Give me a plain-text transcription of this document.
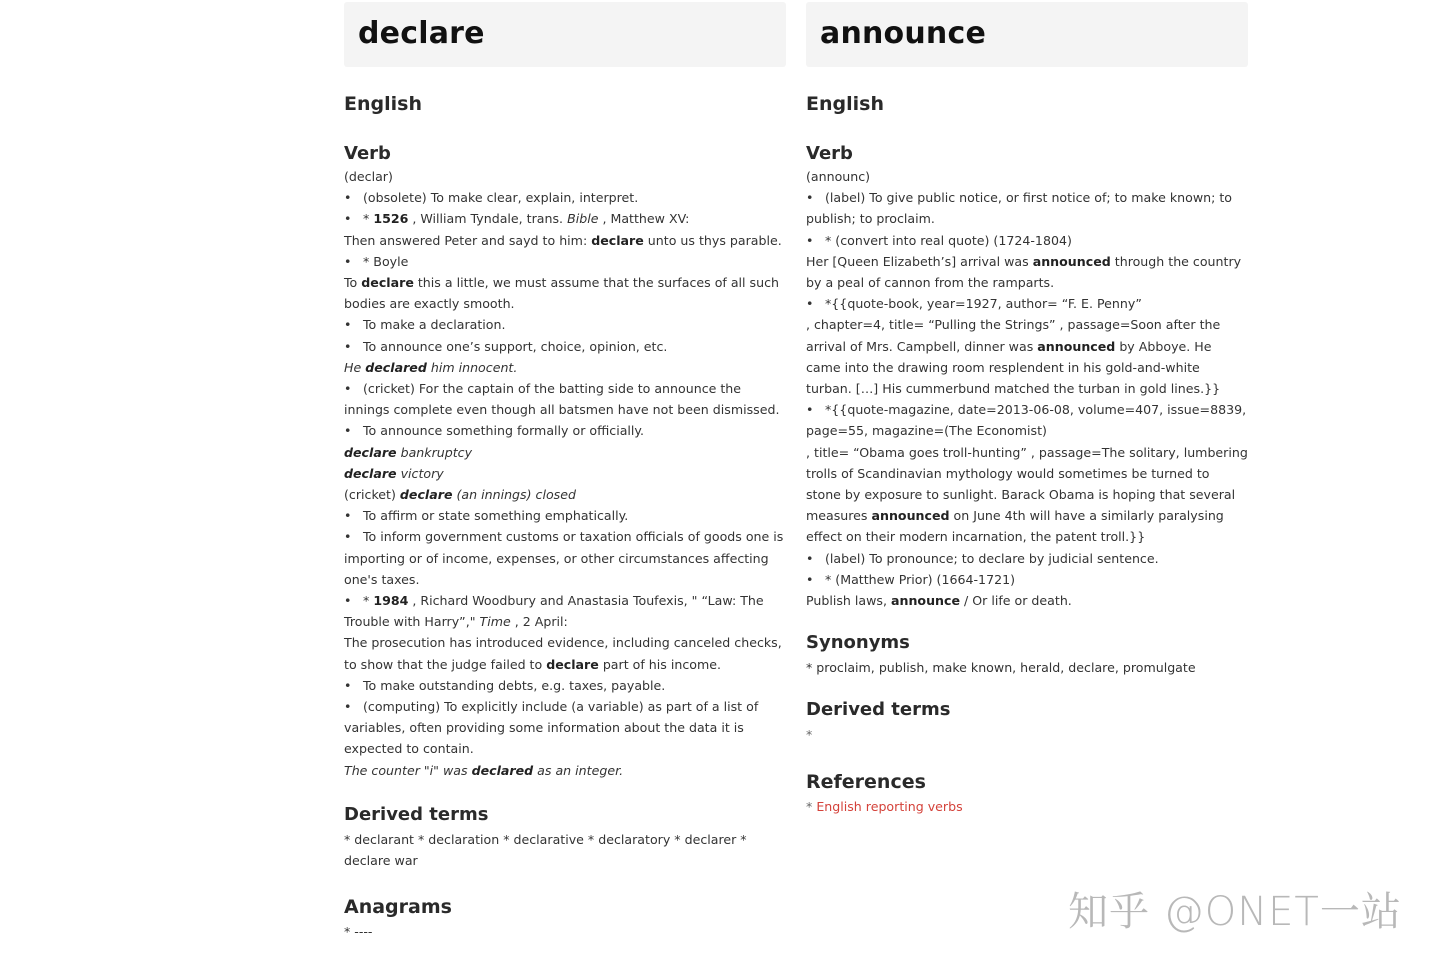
declare
English
Verb
(declar)
• (obsolete) To make clear, explain, interpret.
• * 1526 , William Tyndale, trans. Bible , Matthew XV:
Then answered Peter and sayd to him: declare unto us thys parable.
• * Boyle
To declare this a little, we must assume that the surfaces of all such bodies are exactly smooth.
• To make a declaration.
• To announce one’s support, choice, opinion, etc.
He declared him innocent.
• (cricket) For the captain of the batting side to announce the innings complete even though all batsmen have not been dismissed.
• To announce something formally or officially.
declare bankruptcy
declare victory
(cricket) declare (an innings) closed
• To affirm or state something emphatically.
• To inform government customs or taxation officials of goods one is importing or of income, expenses, or other circumstances affecting one's taxes.
• * 1984 , Richard Woodbury and Anastasia Toufexis, " “Law: The Trouble with Harry”," Time , 2 April:
The prosecution has introduced evidence, including canceled checks, to show that the judge failed to declare part of his income.
• To make outstanding debts, e.g. taxes, payable.
• (computing) To explicitly include (a variable) as part of a list of variables, often providing some information about the data it is expected to contain.
The counter "i" was declared as an integer.
Derived terms
* declarant * declaration * declarative * declaratory * declarer * declare war
Anagrams
* ----
announce
English
Verb
(announc)
• (label) To give public notice, or first notice of; to make known; to publish; to proclaim.
• * (convert into real quote) (1724-1804)
Her [Queen Elizabeth’s] arrival was announced through the country by a peal of cannon from the ramparts.
• *{{quote-book, year=1927, author= “F. E. Penny”
, chapter=4, title= “Pulling the Strings” , passage=Soon after the arrival of Mrs. Campbell, dinner was announced by Abboye. He came into the drawing room resplendent in his gold-and-white turban. […] His cummerbund matched the turban in gold lines.}}
• *{{quote-magazine, date=2013-06-08, volume=407, issue=8839, page=55, magazine=(The Economist)
, title= “Obama goes troll-hunting” , passage=The solitary, lumbering trolls of Scandinavian mythology would sometimes be turned to stone by exposure to sunlight. Barack Obama is hoping that several measures announced on June 4th will have a similarly paralysing effect on their modern incarnation, the patent troll.}}
• (label) To pronounce; to declare by judicial sentence.
• * (Matthew Prior) (1664-1721)
Publish laws, announce / Or life or death.
Synonyms
* proclaim, publish, make known, herald, declare, promulgate
Derived terms
*
References
* English reporting verbs
知乎 @ONET一站
